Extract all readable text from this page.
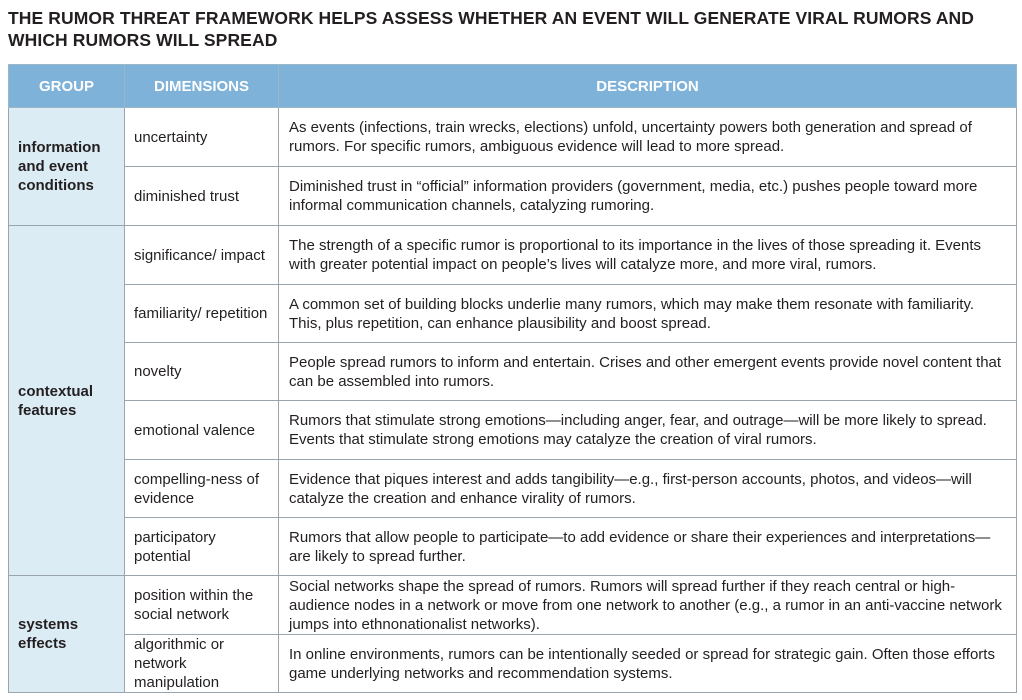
THE RUMOR THREAT FRAMEWORK HELPS ASSESS WHETHER AN EVENT WILL GENERATE VIRAL RUMORS AND WHICH RUMORS WILL SPREAD
GROUP	DIMENSIONS	DESCRIPTION
information and event conditions	uncertainty	As events (infections, train wrecks, elections) unfold, uncertainty powers both generation and spread of rumors. For specific rumors, ambiguous evidence will lead to more spread.
	diminished trust	Diminished trust in “official” information providers (government, media, etc.) pushes people toward more informal communication channels, catalyzing rumoring.
contextual features	significance/ impact	The strength of a specific rumor is proportional to its importance in the lives of those spreading it. Events with greater potential impact on people’s lives will catalyze more, and more viral, rumors.
	familiarity/ repetition	A common set of building blocks underlie many rumors, which may make them resonate with familiarity. This, plus repetition, can enhance plausibility and boost spread.
	novelty	People spread rumors to inform and entertain. Crises and other emergent events provide novel content that can be assembled into rumors.
	emotional valence	Rumors that stimulate strong emotions—including anger, fear, and outrage—will be more likely to spread. Events that stimulate strong emotions may catalyze the creation of viral rumors.
	compelling-ness of evidence	Evidence that piques interest and adds tangibility—e.g., first-person accounts, photos, and videos—will catalyze the creation and enhance virality of rumors.
	participatory potential	Rumors that allow people to participate—to add evidence or share their experiences and interpretations—are likely to spread further.
systems effects	position within the social network	Social networks shape the spread of rumors. Rumors will spread further if they reach central or high-audience nodes in a network or move from one network to another (e.g., a rumor in an anti-vaccine network jumps into ethnonationalist networks).
	algorithmic or network manipulation	In online environments, rumors can be intentionally seeded or spread for strategic gain. Often those efforts game underlying networks and recommendation systems.
